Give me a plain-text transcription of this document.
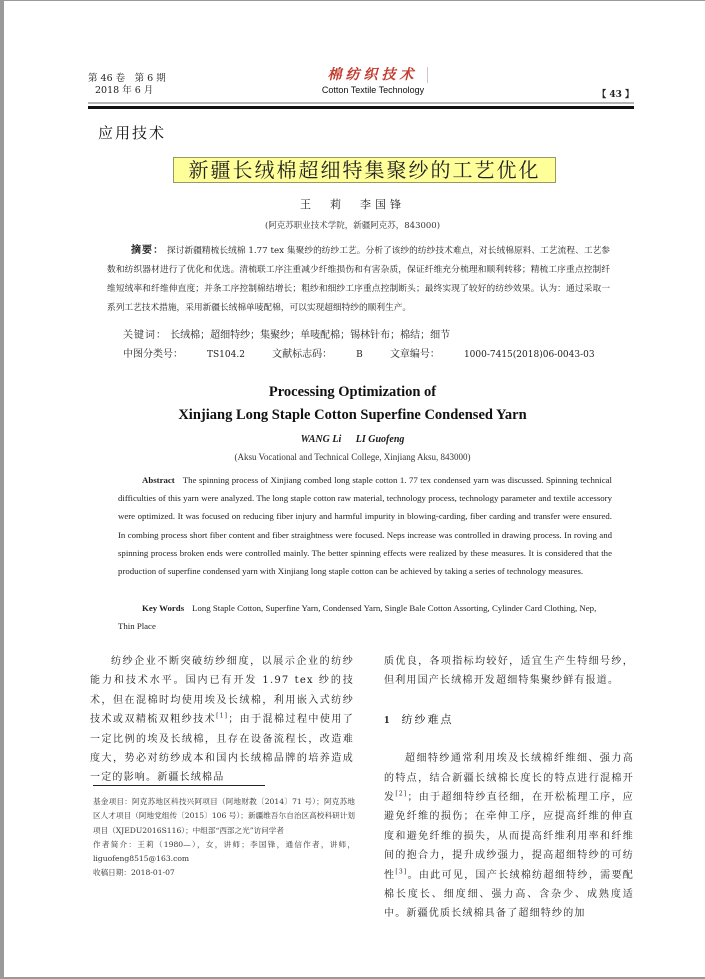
第 46 卷　第 6 期
2018 年 6 月
棉纺织技术
Cotton Textile Technology	【 43 】
应用技术
新疆长绒棉超细特集聚纱的工艺优化
王　莉　李国锋
(阿克苏职业技术学院，新疆阿克苏，843000)
摘要： 探讨新疆精梳长绒棉 1.77 tex 集聚纱的纺纱工艺。分析了该纱的纺纱技术难点，对长绒棉原料、工艺流程、工艺参数和纺织器材进行了优化和优选。清梳联工序注重减少纤维损伤和有害杂质，保证纤维充分梳理和顺利转移；精梳工序重点控制纤维短绒率和纤维伸直度；并条工序控制棉结增长；粗纱和细纱工序重点控制断头；最终实现了较好的纺纱效果。认为：通过采取一系列工艺技术措施，采用新疆长绒棉单唛配棉，可以实现超细特纱的顺利生产。
关键词： 长绒棉；超细特纱；集聚纱；单唛配棉；锡林针布；棉结；细节
中图分类号：	TS104.2	文献标志码：	B	文章编号：	1000-7415(2018)06-0043-03
Processing Optimization of
Xinjiang Long Staple Cotton Superfine Condensed Yarn
WANG Li LI Guofeng
(Aksu Vocational and Technical College, Xinjiang Aksu, 843000)
Abstract The spinning process of Xinjiang combed long staple cotton 1. 77 tex condensed yarn was discussed. Spinning technical difficulties of this yarn were analyzed. The long staple cotton raw material, technology process, technology parameter and textile accessory were optimized. It was focused on reducing fiber injury and harmful impurity in blowing-carding, fiber carding and transfer were ensured. In combing process short fiber content and fiber straightness were focused. Neps increase was controlled in drawing process. In roving and spinning process broken ends were controlled mainly. The better spinning effects were realized by these measures. It is considered that the production of superfine condensed yarn with Xinjiang long staple cotton can be achieved by taking a series of technology measures.
Key Words Long Staple Cotton, Superfine Yarn, Condensed Yarn, Single Bale Cotton Assorting, Cylinder Card Clothing, Nep, Thin Place

纺纱企业不断突破纺纱细度，以展示企业的纺纱能力和技术水平。国内已有开发 1.97 tex 纱的技术，但在混棉时均使用埃及长绒棉，利用嵌入式纺纱技术或双精梳双粗纱技术[1]；由于混棉过程中使用了一定比例的埃及长绒棉，且存在设备流程长，改造难度大，势必对纺纱成本和国内长绒棉品牌的培养造成一定的影响。新疆长绒棉品

质优良，各项指标均较好，适宜生产生特细号纱，但利用国产长绒棉开发超细特集聚纱鲜有报道。

1 纺纱难点

超细特纱通常利用埃及长绒棉纤维细、强力高的特点，结合新疆长绒棉长度长的特点进行混棉开发[2]；由于超细特纱直径细，在开松梳理工序，应避免纤维的损伤；在牵伸工序，应提高纤维的伸直度和避免纤维的损失，从而提高纤维利用率和纤维间的抱合力，提升成纱强力，提高超细特纱的可纺性[3]。由此可见，国产长绒棉纺超细特纱，需要配棉长度长、细度细、强力高、含杂少、成熟度适中。新疆优质长绒棉具备了超细特纱的加

基金项目：阿克苏地区科技兴阿项目（阿地财教〔2014〕71 号）；阿克苏地区人才项目（阿地党组传〔2015〕106 号）；新疆维吾尔自治区高校科研计划项目（XJEDU2016S116）；中组部“西部之光”访问学者

作者简介：王莉（1980—），女，讲师；李国锋，通信作者，讲师，liguofeng8515@163.com

收稿日期：2018-01-07
